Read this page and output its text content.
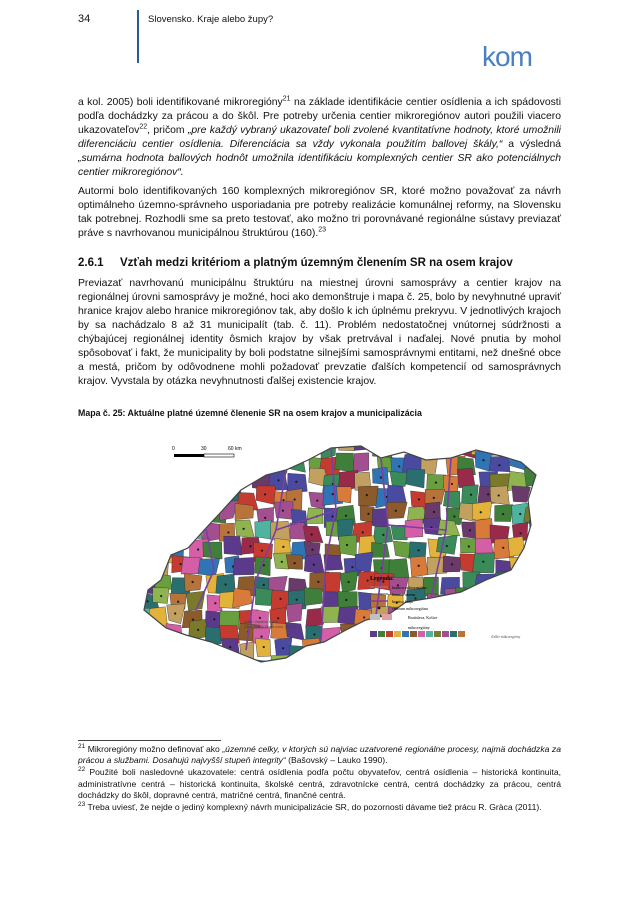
34	Slovensko. Kraje alebo župy?
kom

a kol. 2005) boli identifikované mikroregióny$^{21}$ na základe identifikácie centier osídlenia a ich spádovosti podľa dochádzky za prácou a do škôl. Pre potreby určenia centier mikroregiónov autori použili viacero ukazovateľov$^{22}$, pričom „pre každý vybraný ukazovateľ boli zvolené kvantitatívne hodnoty, ktoré umožnili diferenciáciu centier osídlenia. Diferenciácia sa vždy vykonala použitím ballovej škály,“ a výsledná „sumárna hodnota ballových hodnôt umožnila identifikáciu komplexných centier SR ako potenciálnych centier mikroregiónov“.

Autormi bolo identifikovaných 160 komplexných mikroregiónov SR, ktoré možno považovať za návrh optimálneho územno-správneho usporiadania pre potreby realizácie komunálnej reformy, na Slovensku tak potrebnej. Rozhodli sme sa preto testovať, ako možno tri porovnávané regionálne sústavy previazať práve s navrhovanou municipálnou štruktúrou (160).$^{23}$

2.6.1 Vzťah medzi kritériom a platným územným členením SR na osem krajov

Previazať navrhovanú municipálnu štruktúru na miestnej úrovni samosprávy a centier krajov na regionálnej úrovni samosprávy je možné, hoci ako demonštruje i mapa č. 25, bolo by nevyhnutné upraviť hranice krajov alebo hranice mikroregiónov tak, aby došlo k ich úplnému prekryvu. V jednotlivých krajoch by sa nachádzalo 8 až 31 municipalít (tab. č. 11). Problém nedostatočnej vnútornej súdržnosti a chýbajúcej regionálnej identity ôsmich krajov by však pretrvával i naďalej. Nové pnutia by mohol spôsobovať i fakt, že municipality by boli podstatne silnejšími samosprávnymi entitami, než dnešné obce a mestá, pričom by odôvodnene mohli požadovať prevzatie ďalších kompetencií od samosprávnych krajov. Vyvstala by otázka nevyhnutnosti ďalšej existencie krajov.

Mapa č. 25: Aktuálne platné územné členenie SR na osem krajov a municipalizácia
0	30	60 km
Autor: Vladimír Ľudík
Zdroj: Podľa Slavík a kol. (2005)
Legenda:
hranica mikroregiónu
hranica okresu
hranica kraja
centrum mikroregiónu
Bratislava, Košice
mikroregióny
ďalšie mikroregióny

$^{21}$ Mikroregióny možno definovať ako „územné celky, v ktorých sú najviac uzatvorené regionálne procesy, najmä dochádzka za prácou a službami. Dosahujú najvyšší stupeň integrity“ (Bašovský – Lauko 1990).

$^{22}$ Použité boli nasledovné ukazovatele: centrá osídlenia podľa počtu obyvateľov, centrá osídlenia – historická kontinuita, administratívne centrá – historická kontinuita, školské centrá, zdravotnícke centrá, centrá dochádzky za prácou, centrá dochádzky do škôl, dopravné centrá, matričné centrá, finančné centrá.

$^{23}$ Treba uviesť, že nejde o jediný komplexný návrh municipalizácie SR, do pozornosti dávame tiež prácu R. Gràca (2011).
